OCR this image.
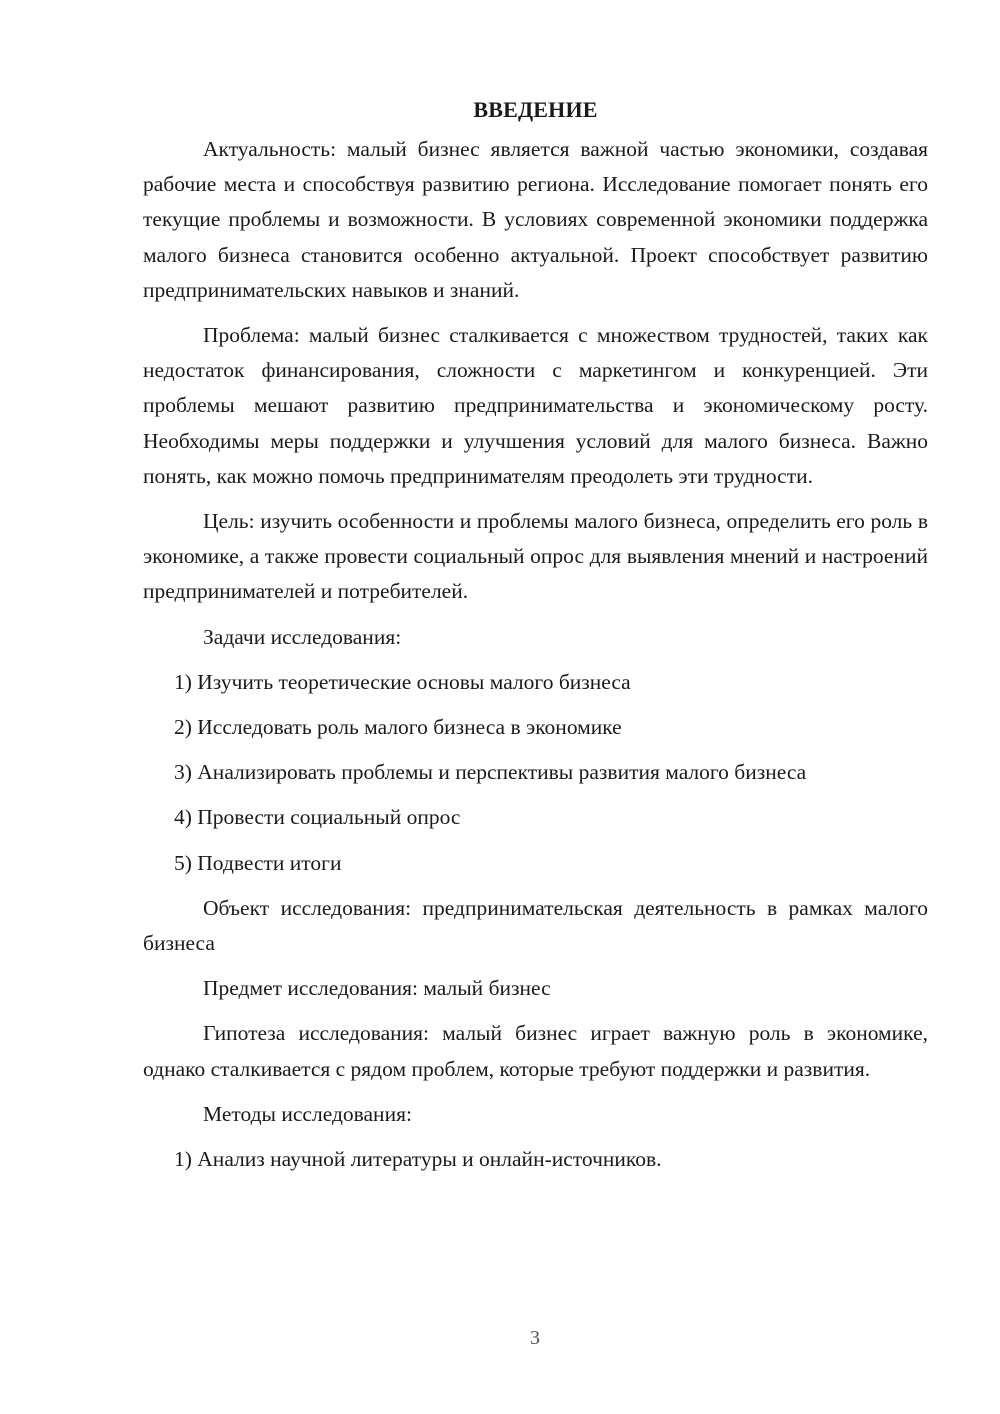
ВВЕДЕНИЕ

Актуальность: малый бизнес является важной частью экономики, создавая рабочие места и способствуя развитию региона. Исследование помогает понять его текущие проблемы и возможности. В условиях современной экономики поддержка малого бизнеса становится особенно актуальной. Проект способствует развитию предпринимательских навыков и знаний.

Проблема: малый бизнес сталкивается с множеством трудностей, таких как недостаток финансирования, сложности с маркетингом и конкуренцией. Эти проблемы мешают развитию предпринимательства и экономическому росту. Необходимы меры поддержки и улучшения условий для малого бизнеса. Важно понять, как можно помочь предпринимателям преодолеть эти трудности.

Цель: изучить особенности и проблемы малого бизнеса, определить его роль в экономике, а также провести социальный опрос для выявления мнений и настроений предпринимателей и потребителей.

Задачи исследования:

1) Изучить теоретические основы малого бизнеса
2) Исследовать роль малого бизнеса в экономике
3) Анализировать проблемы и перспективы развития малого бизнеса
4) Провести социальный опрос
5) Подвести итоги

Объект исследования: предпринимательская деятельность в рамках малого бизнеса

Предмет исследования: малый бизнес

Гипотеза исследования: малый бизнес играет важную роль в экономике, однако сталкивается с рядом проблем, которые требуют поддержки и развития.

Методы исследования:

1) Анализ научной литературы и онлайн-источников.
3
